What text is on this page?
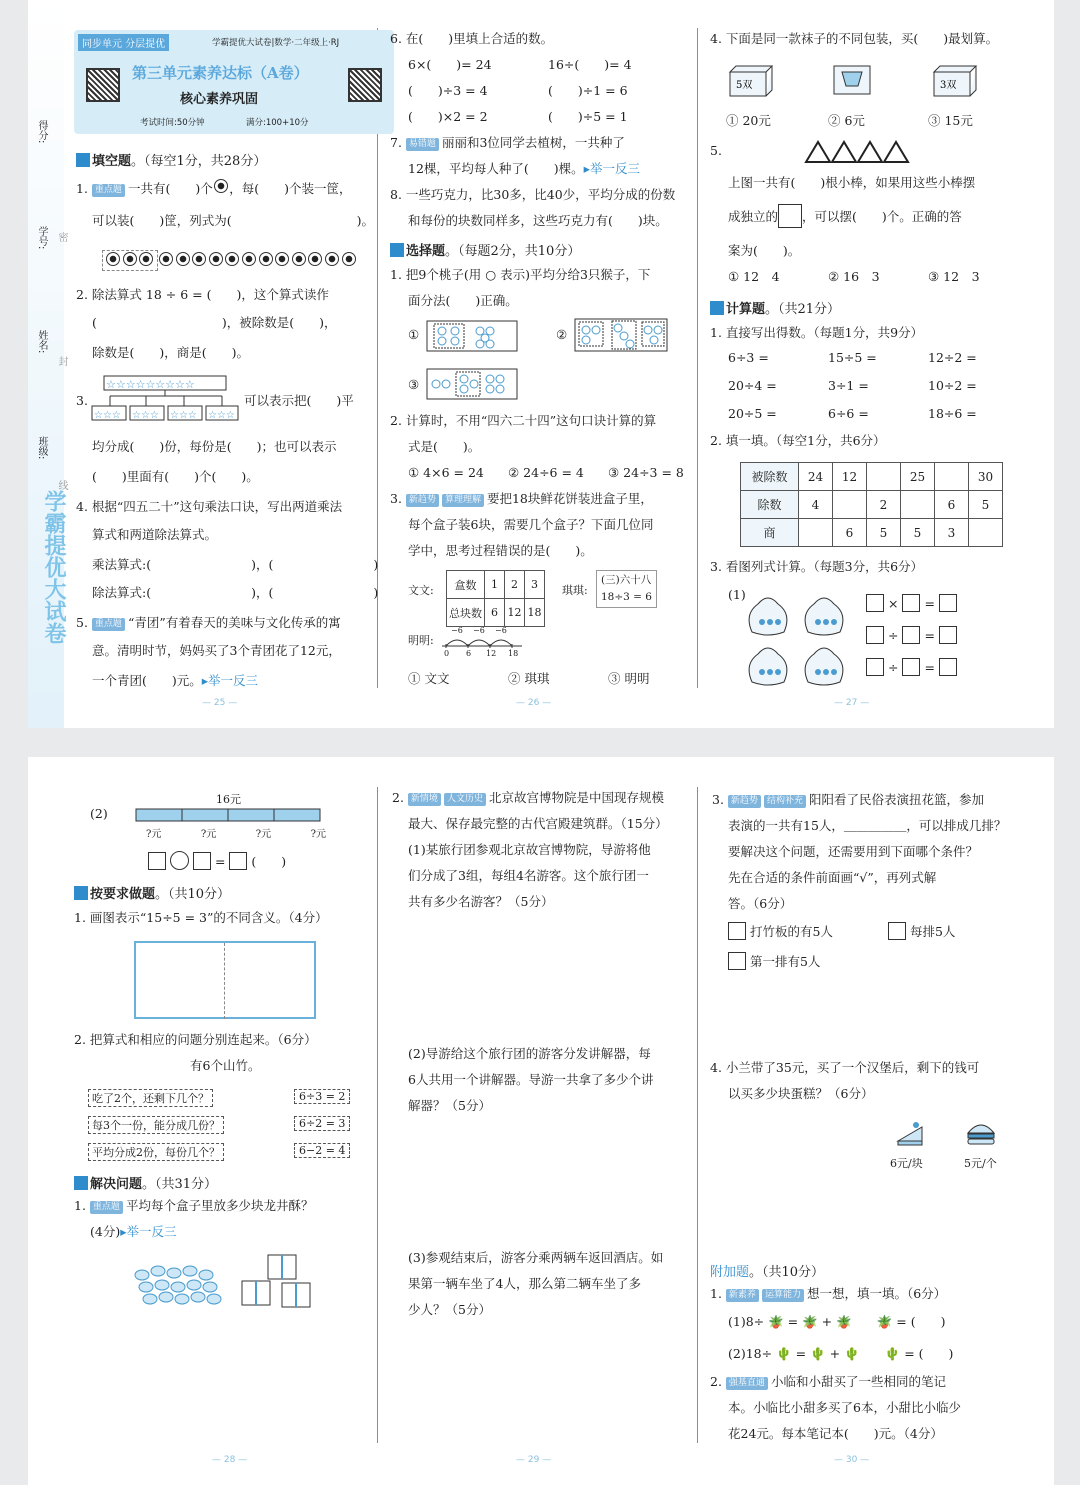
学霸提优大试卷
得分:
学号:
姓名:
班级:
密
封
线
同步单元 分层提优	学霸提优大试卷|数学·二年级上·RJ
第三单元素养达标（A卷）
核心素养巩固
考试时间:50分钟	满分:100+10分
填空题。（每空1分，共28分）
1. 重点题 一共有(　　)个 ，每(　　)个装一筐，
可以装(　　)筐，列式为(　　　　　　　　　　)。
2. 除法算式 18 ÷ 6 = (　　)，这个算式读作
(　　　　　　　　　　)，被除数是(　　)，
除数是(　　)，商是(　　)。
3.
☆☆☆☆☆☆☆☆☆
☆☆☆ ☆☆☆ ☆☆☆ ☆☆☆
可以表示把(　　)平
均分成(　　)份，每份是(　　)；也可以表示
(　　)里面有(　　)个(　　)。
4. 根据“四五二十”这句乘法口诀，写出两道乘法
算式和两道除法算式。
乘法算式:(　　　　　　　　)，(　　　　　　　　)
除法算式:(　　　　　　　　)，(　　　　　　　　)
5. 重点题 “青团”有着春天的美味与文化传承的寓
意。清明时节，妈妈买了3个青团花了12元，
一个青团(　　)元。▸举一反三
— 25 —
6. 在(　　)里填上合适的数。
6×(　　)= 24	16÷(　　)= 4
(　　)÷3 = 4	(　　)÷1 = 6
(　　)×2 = 2	(　　)÷5 = 1
7. 易错题 丽丽和3位同学去植树，一共种了
12棵，平均每人种了(　　)棵。▸举一反三
8. 一些巧克力，比30多，比40少，平均分成的份数
和每份的块数同样多，这些巧克力有(　　)块。
选择题。（每题2分，共10分）
1. 把9个桃子(用 ○ 表示)平均分给3只猴子，下
面分法(　　)正确。
①	②
③
2. 计算时，不用“四六二十四”这句口诀计算的算
式是(　　)。
① 4×6 = 24 ② 24÷6 = 4 ③ 24÷3 = 8
3. 新趋势 算理理解 要把18块鲜花饼装进盒子里，
每个盒子装6块，需要几个盒子？下面几位同
学中，思考过程错误的是(　　)。
文文: 盒数	1	2	3
总块数	6	12	18
琪琪:
(三)六十八
18÷3 = 6
明明:
−6 −6 −6
0 6 12 18
① 文文	② 琪琪	③ 明明
— 26 —
4. 下面是同一款袜子的不同包装，买(　　)最划算。
5双	3双
① 20元	② 6元	③ 15元
5.
上图一共有(　　)根小棒，如果用这些小棒摆
成独立的 ，可以摆(　　)个。正确的答
案为(　　)。
① 12　4	② 16　3	③ 12　3
计算题。（共21分）
1. 直接写出得数。（每题1分，共9分）
6÷3 =	15÷5 =	12÷2 =
20÷4 =	3÷1 =	10÷2 =
20÷5 =	6÷6 =	18÷6 =
2. 填一填。（每空1分，共6分）
被除数	24	12		25		30
除数	4		2		6	5
商		6	5	5	3	
3. 看图列式计算。（每题3分，共6分）
(1)
× =
÷ =
÷ =
— 27 —
16元
(2)
?元	?元	?元	?元
= (　　)
按要求做题。（共10分）
1. 画图表示“15÷5 = 3”的不同含义。（4分）
2. 把算式和相应的问题分别连起来。（6分）
有6个山竹。
吃了2个，还剩下几个？
每3个一份，能分成几份？
平均分成2份，每份几个？
6÷3 = 2
6÷2 = 3
6−2 = 4
解决问题。（共31分）
1. 重点题 平均每个盒子里放多少块龙井酥？
(4分)▸举一反三
— 28 —
2. 新情境 人文历史 北京故宫博物院是中国现存规模
最大、保存最完整的古代宫殿建筑群。（15分）
(1)某旅行团参观北京故宫博物院，导游将他
们分成了3组，每组4名游客。这个旅行团一
共有多少名游客？（5分）
(2)导游给这个旅行团的游客分发讲解器，每
6人共用一个讲解器。导游一共拿了多少个讲
解器？（5分）
(3)参观结束后，游客分乘两辆车返回酒店。如
果第一辆车坐了4人，那么第二辆车坐了多
少人？（5分）
— 29 —
3. 新趋势 结构补充 阳阳看了民俗表演扭花篮，参加
表演的一共有15人，＿＿＿＿＿，可以排成几排？
要解决这个问题，还需要用到下面哪个条件？
先在合适的条件前面画“√”，再列式解
答。（6分）
打竹板的有5人	每排5人
第一排有5人
4. 小兰带了35元，买了一个汉堡后，剩下的钱可
以买多少块蛋糕？（6分）
6元/块	5元/个
附加题。（共10分）
1. 新素养 运算能力 想一想，填一填。（6分）
(1)8÷ 🪴 = 🪴 + 🪴　　 🪴 = (　　)
(2)18÷ 🌵 = 🌵 + 🌵　　 🌵 = (　　)
2. 强基直通 小临和小甜买了一些相同的笔记
本。小临比小甜多买了6本，小甜比小临少
花24元。每本笔记本(　　)元。（4分）
— 30 —
